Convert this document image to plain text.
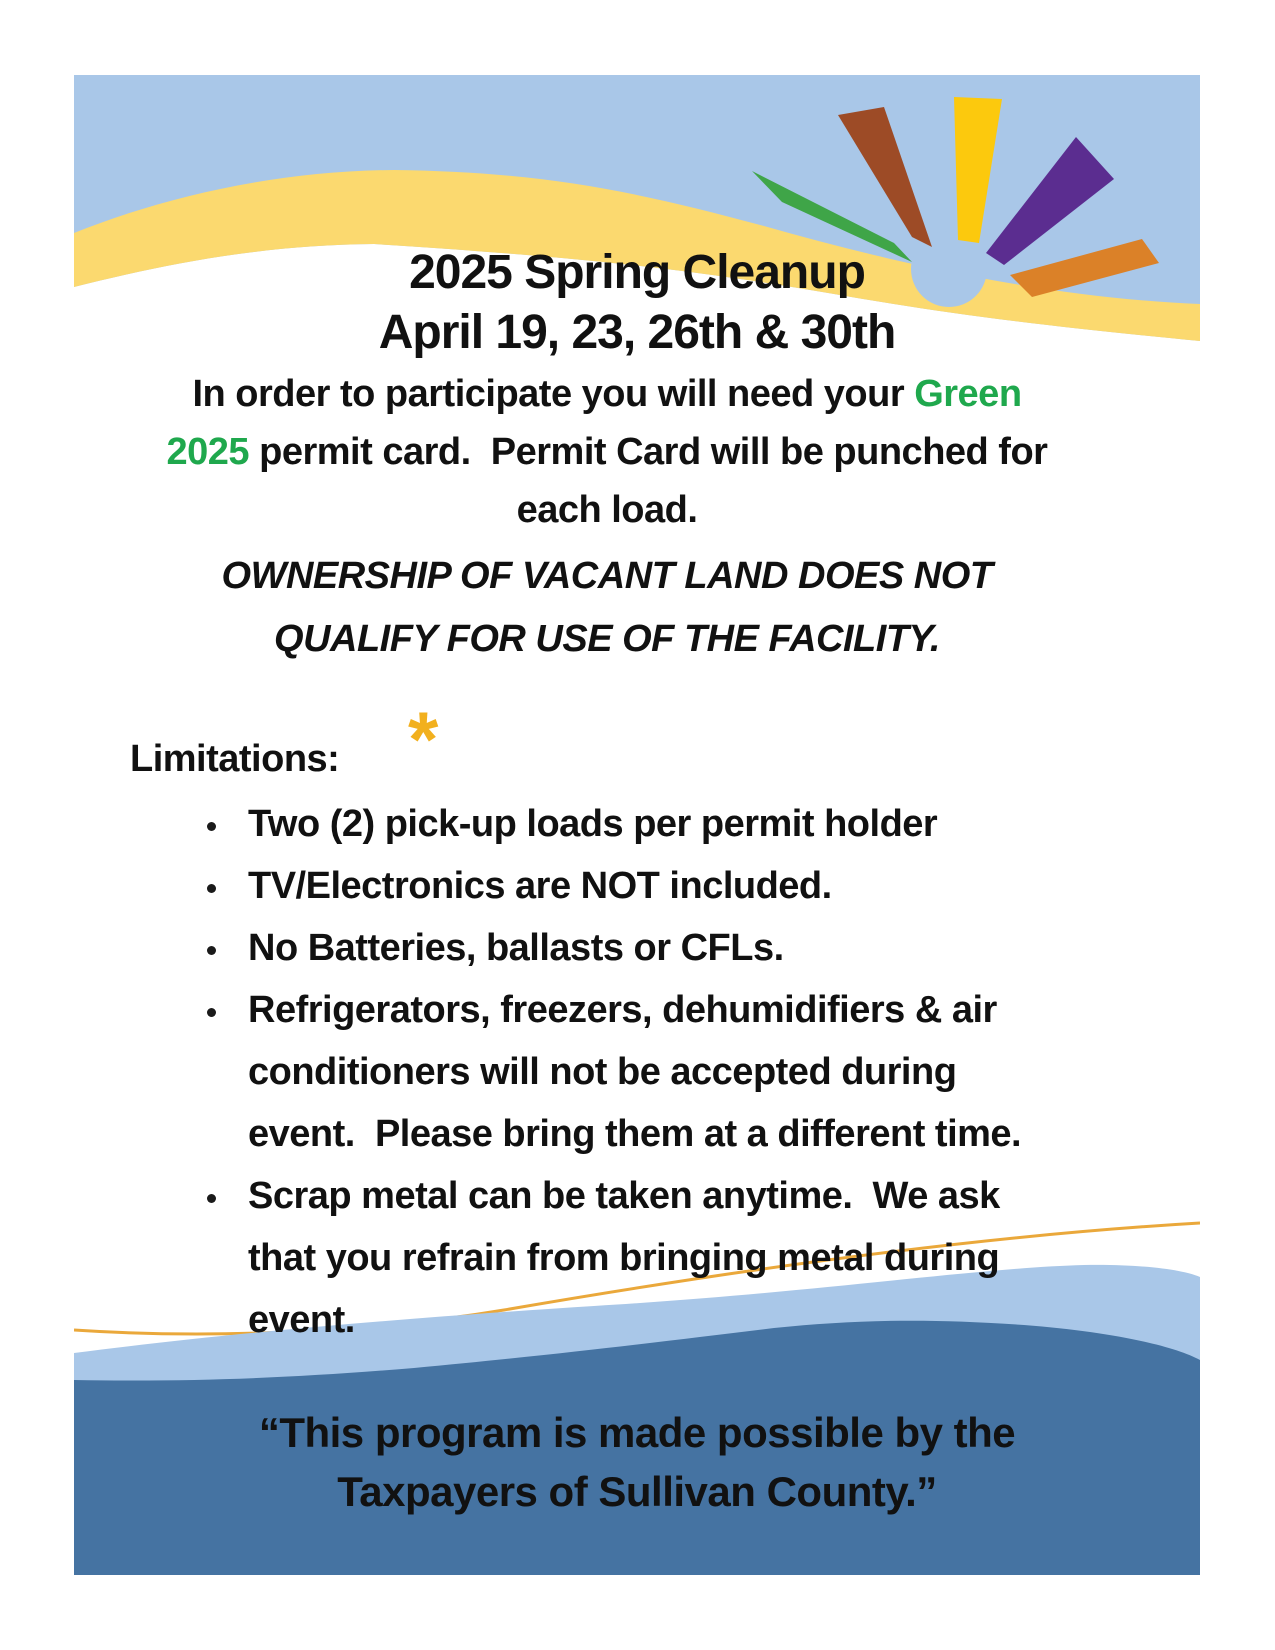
2025 Spring Cleanup
April 19, 23, 26th & 30th
In order to participate you will need your Green
2025 permit card.  Permit Card will be punched for
each load.
OWNERSHIP OF VACANT LAND DOES NOT
QUALIFY FOR USE OF THE FACILITY.
*
Limitations:
Two (2) pick-up loads per permit holder
TV/Electronics are NOT included.
No Batteries, ballasts or CFLs.
Refrigerators, freezers, dehumidifiers & air
conditioners will not be accepted during
event.  Please bring them at a different time.
Scrap metal can be taken anytime.  We ask
that you refrain from bringing metal during
event.
“This program is made possible by the
Taxpayers of Sullivan County.”
